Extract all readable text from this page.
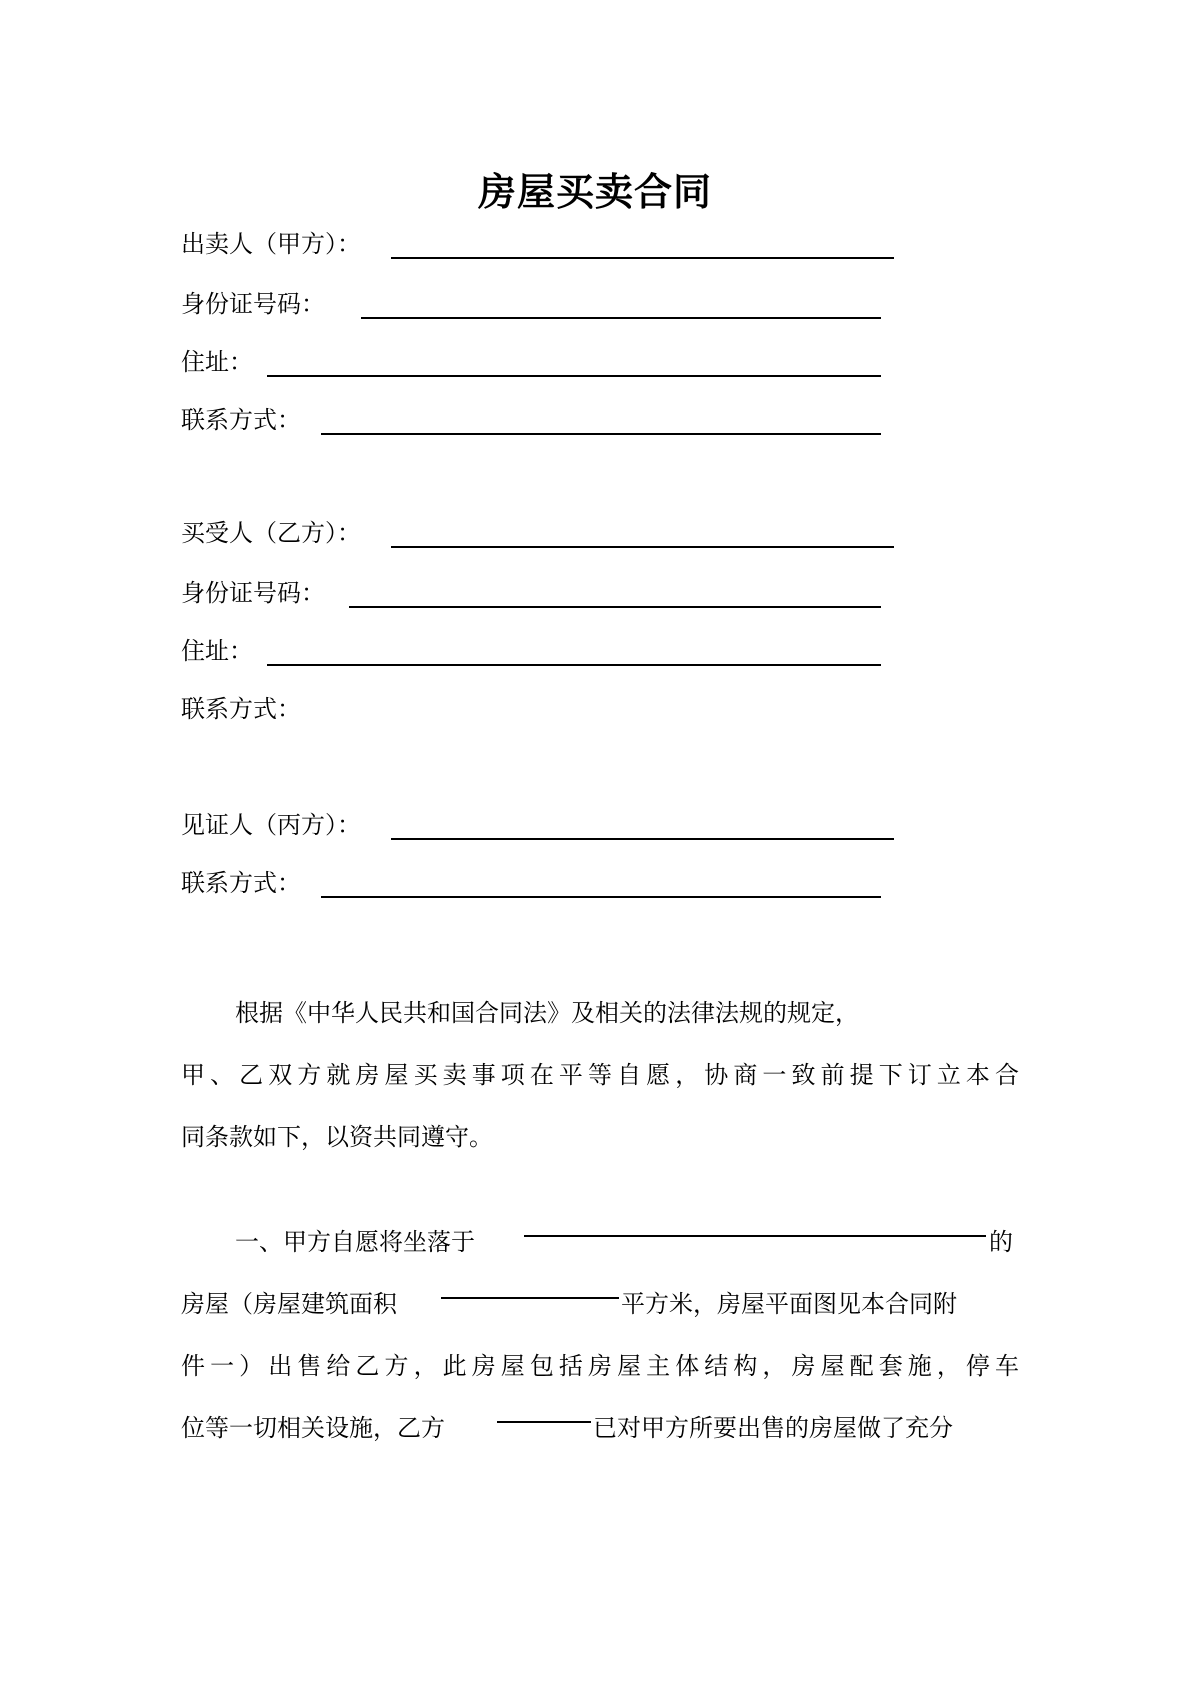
房屋买卖合同
出卖人（甲方）：
身份证号码：
住址：
联系方式：
买受人（乙方）：
身份证号码：
住址：
联系方式：
见证人（丙方）：
联系方式：
根据《中华人民共和国合同法》及相关的法律法规的规定，
甲、乙双方就房屋买卖事项在平等自愿，协商一致前提下订立本合
同条款如下，以资共同遵守。
一、甲方自愿将坐落于	的
房屋（房屋建筑面积	平方米，房屋平面图见本合同附
件一）出售给乙方，此房屋包括房屋主体结构，房屋配套施，停车
位等一切相关设施，乙方	已对甲方所要出售的房屋做了充分
